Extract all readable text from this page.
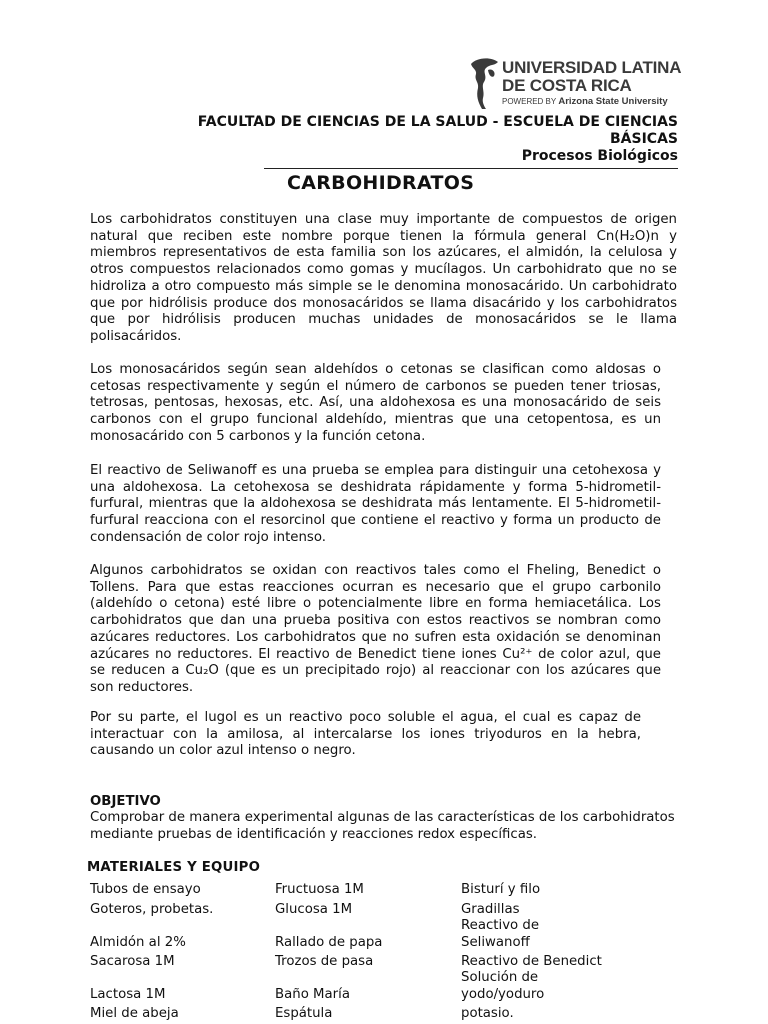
UNIVERSIDAD LATINA
DE COSTA RICA
POWERED BY Arizona State University
FACULTAD DE CIENCIAS DE LA SALUD - ESCUELA DE CIENCIAS
BÁSICAS
Procesos Biológicos
CARBOHIDRATOS
Los carbohidratos constituyen una clase muy importante de compuestos de origen natural que reciben este nombre porque tienen la fórmula general Cn(H₂O)n y miembros representativos de esta familia son los azúcares, el almidón, la celulosa y otros compuestos relacionados como gomas y mucílagos. Un carbohidrato que no se hidroliza a otro compuesto más simple se le denomina monosacárido. Un carbohidrato que por hidrólisis produce dos monosacáridos se llama disacárido y los carbohidratos que por hidrólisis producen muchas unidades de monosacáridos se le llama polisacáridos.
Los monosacáridos según sean aldehídos o cetonas se clasifican como aldosas o cetosas respectivamente y según el número de carbonos se pueden tener triosas, tetrosas, pentosas, hexosas, etc. Así, una aldohexosa es una monosacárido de seis carbonos con el grupo funcional aldehído, mientras que una cetopentosa, es un monosacárido con 5 carbonos y la función cetona.
El reactivo de Seliwanoff es una prueba se emplea para distinguir una cetohexosa y una aldohexosa. La cetohexosa se deshidrata rápidamente y forma 5-hidrometil-furfural, mientras que la aldohexosa se deshidrata más lentamente. El 5-hidrometil-furfural reacciona con el resorcinol que contiene el reactivo y forma un producto de condensación de color rojo intenso.
Algunos carbohidratos se oxidan con reactivos tales como el Fheling, Benedict o Tollens. Para que estas reacciones ocurran es necesario que el grupo carbonilo (aldehído o cetona) esté libre o potencialmente libre en forma hemiacetálica. Los carbohidratos que dan una prueba positiva con estos reactivos se nombran como azúcares reductores. Los carbohidratos que no sufren esta oxidación se denominan azúcares no reductores. El reactivo de Benedict tiene iones Cu²⁺ de color azul, que se reducen a Cu₂O (que es un precipitado rojo) al reaccionar con los azúcares que son reductores.
Por su parte, el lugol es un reactivo poco soluble el agua, el cual es capaz de interactuar con la amilosa, al intercalarse los iones triyoduros en la hebra, causando un color azul intenso o negro.
OBJETIVO
Comprobar de manera experimental algunas de las características de los carbohidratos mediante pruebas de identificación y reacciones redox específicas.
MATERIALES Y EQUIPO
Tubos de ensayo
Goteros, probetas.
Almidón al 2%
Sacarosa 1M
Lactosa 1M
Miel de abeja
Fructuosa 1M
Glucosa 1M
Rallado de papa
Trozos de pasa
Baño María
Espátula
Bisturí y filo
Gradillas
Reactivo de
Seliwanoff
Reactivo de Benedict
Solución de
yodo/yoduro
potasio.
